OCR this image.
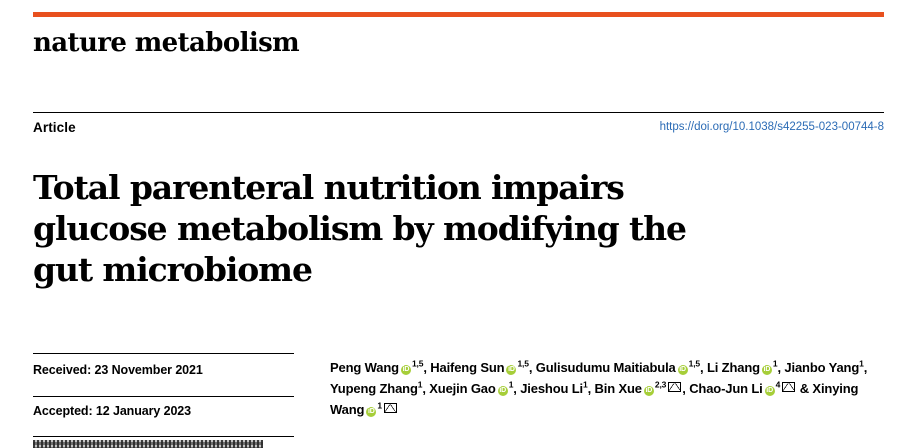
nature metabolism
Article	https://doi.org/10.1038/s42255-023-00744-8
Total parenteral nutrition impairs glucose metabolism by modifying the gut microbiome
Received: 23 November 2021
Accepted: 12 January 2023
Peng Wang iD$^{1,5}$, Haifeng Sun iD$^{1,5}$, Gulisudumu Maitiabula iD$^{1,5}$, Li Zhang $iD^1$, Jianbo Yang$^1$, Yupeng Zhang$^1$, Xuejin Gao $iD^1$, Jieshou Li$^1$, Bin Xue iD$^{2,3}$ , Chao-Jun Li $iD^4$ & Xinying Wang $iD^1$
